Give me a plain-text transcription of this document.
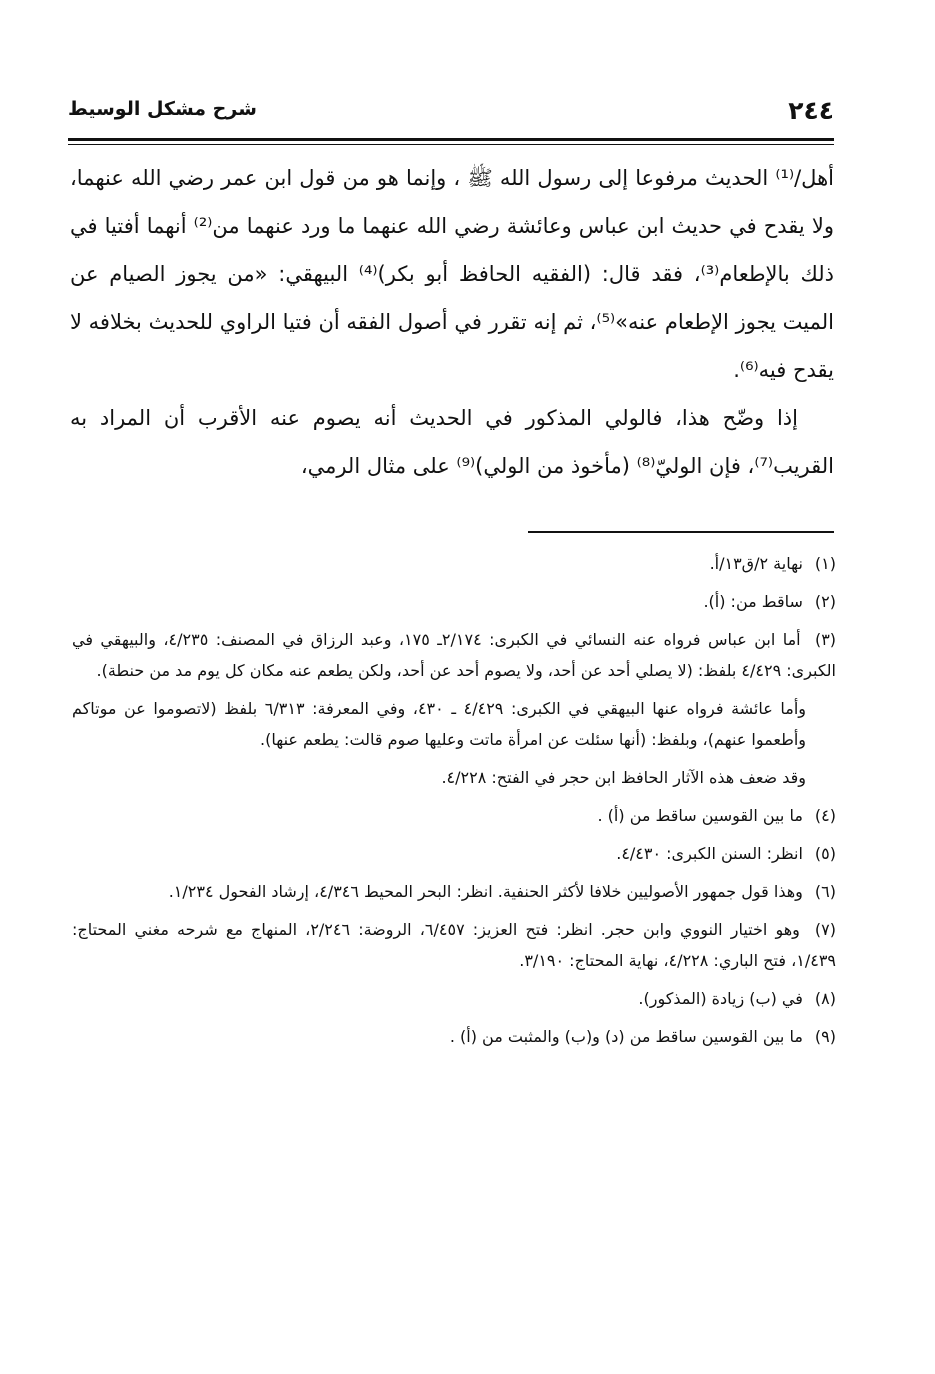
٢٤٤
شرح مشكل الوسيط

أهل/⁽¹⁾ الحديث مرفوعا إلى رسول الله ﷺ ، وإنما هو من قول ابن عمر رضي الله عنهما، ولا يقدح في حديث ابن عباس وعائشة رضي الله عنهما ما ورد عنهما من⁽²⁾ أنهما أفتيا في ذلك بالإطعام⁽³⁾، فقد قال: (الفقيه الحافظ أبو بكر)⁽⁴⁾ البيهقي: «من يجوز الصيام عن الميت يجوز الإطعام عنه»⁽⁵⁾، ثم إنه تقرر في أصول الفقه أن فتيا الراوي للحديث بخلافه لا يقدح فيه⁽⁶⁾.

إذا وضّح هذا، فالولي المذكور في الحديث أنه يصوم عنه الأقرب أن المراد به القريب⁽⁷⁾، فإن الوليّ⁽⁸⁾ (مأخوذ من الولي)⁽⁹⁾ على مثال الرمي،

(١) نهاية ٢/ق١٣/أ.

(٢) ساقط من: (أ).

(٣) أما ابن عباس فرواه عنه النسائي في الكبرى: ٢/١٧٤ـ ١٧٥، وعبد الرزاق في المصنف: ٤/٢٣٥، والبيهقي في الكبرى: ٤/٤٢٩ بلفظ: (لا يصلي أحد عن أحد، ولا يصوم أحد عن أحد، ولكن يطعم عنه مكان كل يوم مد من حنطة).

وأما عائشة فرواه عنها البيهقي في الكبرى: ٤/٤٢٩ ـ ٤٣٠، وفي المعرفة: ٦/٣١٣ بلفظ (لاتصوموا عن موتاكم وأطعموا عنهم)، وبلفظ: (أنها سئلت عن امرأة ماتت وعليها صوم قالت: يطعم عنها).

وقد ضعف هذه الآثار الحافظ ابن حجر في الفتح: ٤/٢٢٨.

(٤) ما بين القوسين ساقط من (أ) .

(٥) انظر: السنن الكبرى: ٤/٤٣٠.

(٦) وهذا قول جمهور الأصوليين خلافا لأكثر الحنفية. انظر: البحر المحيط ٤/٣٤٦، إرشاد الفحول ١/٢٣٤.

(٧) وهو اختيار النووي وابن حجر. انظر: فتح العزيز: ٦/٤٥٧، الروضة: ٢/٢٤٦، المنهاج مع شرحه مغني المحتاج: ١/٤٣٩، فتح الباري: ٤/٢٢٨، نهاية المحتاج: ٣/١٩٠.

(٨) في (ب) زيادة (المذكور).

(٩) ما بين القوسين ساقط من (د) و(ب) والمثبت من (أ) .
